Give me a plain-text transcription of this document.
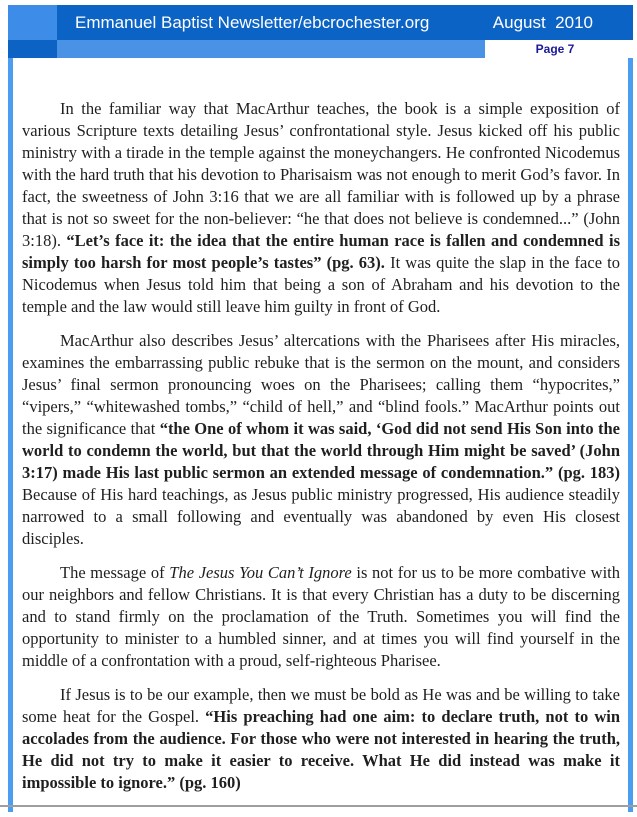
Emmanuel Baptist Newsletter/ebcrochester.org	August  2010
Page 7

In the familiar way that MacArthur teaches, the book is a simple exposition of various Scripture texts detailing Jesus’ confrontational style. Jesus kicked off his public ministry with a tirade in the temple against the moneychangers. He confronted Nicodemus with the hard truth that his devotion to Pharisaism was not enough to merit God’s favor. In fact, the sweetness of John 3:16 that we are all familiar with is followed up by a phrase that is not so sweet for the non-believer: “he that does not believe is condemned...” (John 3:18). “Let’s face it: the idea that the entire human race is fallen and condemned is simply too harsh for most people’s tastes” (pg. 63). It was quite the slap in the face to Nicodemus when Jesus told him that being a son of Abraham and his devotion to the temple and the law would still leave him guilty in front of God.

MacArthur also describes Jesus’ altercations with the Pharisees after His miracles, examines the embarrassing public rebuke that is the sermon on the mount, and considers Jesus’ final sermon pronouncing woes on the Pharisees; calling them “hypocrites,” “vipers,” “whitewashed tombs,” “child of hell,” and “blind fools.” MacArthur points out the significance that “the One of whom it was said, ‘God did not send His Son into the world to condemn the world, but that the world through Him might be saved’ (John 3:17) made His last public sermon an extended message of condemnation.” (pg. 183) Because of His hard teachings, as Jesus public ministry progressed, His audience steadily narrowed to a small following and eventually was abandoned by even His closest disciples.

The message of The Jesus You Can’t Ignore is not for us to be more combative with our neighbors and fellow Christians. It is that every Christian has a duty to be discerning and to stand firmly on the proclamation of the Truth. Sometimes you will find the opportunity to minister to a humbled sinner, and at times you will find yourself in the middle of a confrontation with a proud, self-righteous Pharisee.

If Jesus is to be our example, then we must be bold as He was and be willing to take some heat for the Gospel. “His preaching had one aim: to declare truth, not to win accolades from the audience. For those who were not interested in hearing the truth, He did not try to make it easier to receive. What He did instead was make it impossible to ignore.” (pg. 160)
